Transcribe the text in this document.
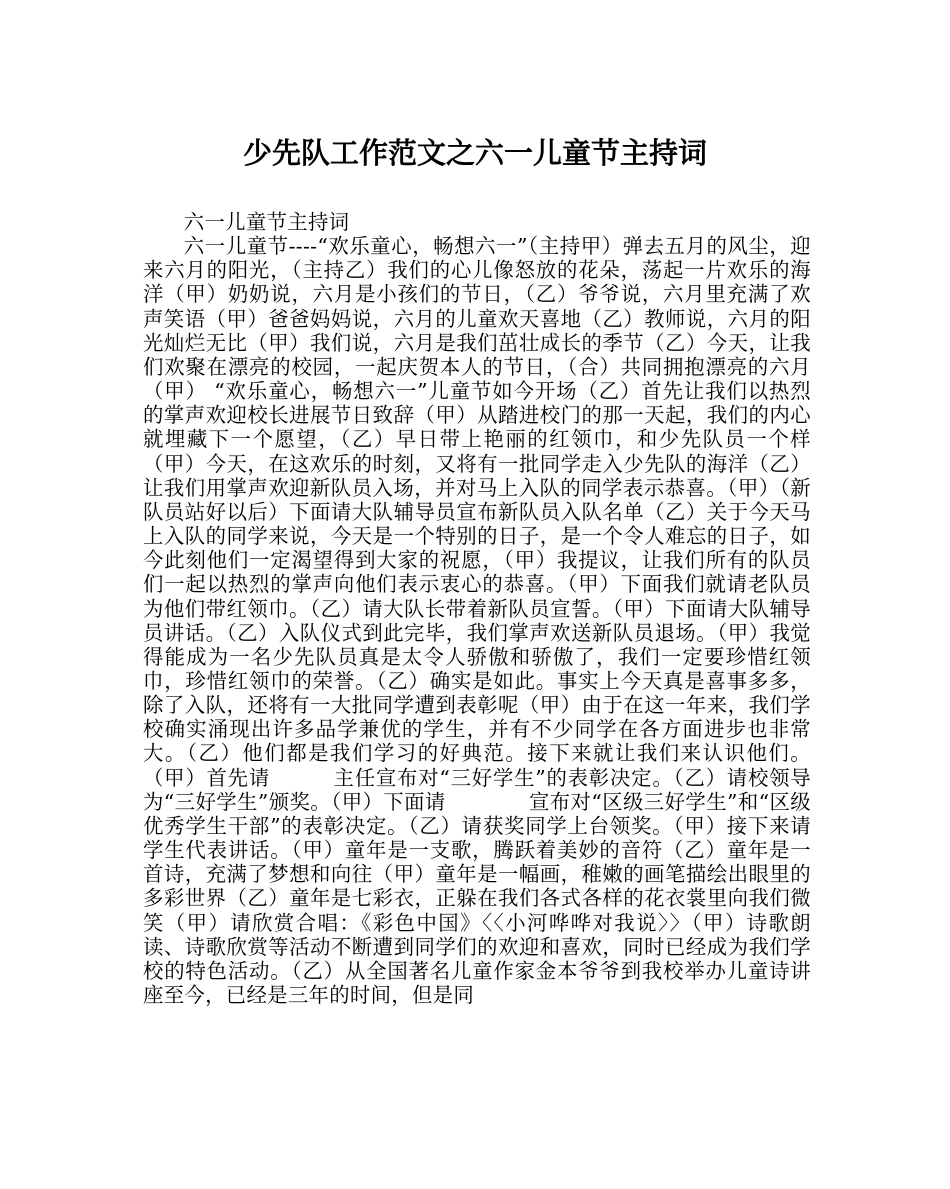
少先队工作范文之六一儿童节主持词

六一儿童节主持词

六一儿童节----“欢乐童心，畅想六一”（主持甲）弹去五月的风尘，迎来六月的阳光，（主持乙）我们的心儿像怒放的花朵，荡起一片欢乐的海洋（甲）奶奶说，六月是小孩们的节日，（乙）爷爷说，六月里充满了欢声笑语（甲）爸爸妈妈说，六月的儿童欢天喜地（乙）教师说，六月的阳光灿烂无比（甲）我们说，六月是我们茁壮成长的季节（乙）今天，让我们欢聚在漂亮的校园，一起庆贺本人的节日，（合）共同拥抱漂亮的六月（甲） “欢乐童心，畅想六一”儿童节如今开场（乙）首先让我们以热烈的掌声欢迎校长进展节日致辞（甲）从踏进校门的那一天起，我们的内心就埋藏下一个愿望，（乙）早日带上艳丽的红领巾，和少先队员一个样（甲）今天，在这欢乐的时刻，又将有一批同学走入少先队的海洋（乙）让我们用掌声欢迎新队员入场，并对马上入队的同学表示恭喜。（甲）（新队员站好以后）下面请大队辅导员宣布新队员入队名单（乙）关于今天马上入队的同学来说，今天是一个特别的日子，是一个令人难忘的日子，如今此刻他们一定渴望得到大家的祝愿，（甲）我提议，让我们所有的队员们一起以热烈的掌声向他们表示衷心的恭喜。（甲）下面我们就请老队员为他们带红领巾。（乙）请大队长带着新队员宣誓。（甲）下面请大队辅导员讲话。（乙）入队仪式到此完毕，我们掌声欢送新队员退场。（甲）我觉得能成为一名少先队员真是太令人骄傲和骄傲了，我们一定要珍惜红领巾，珍惜红领巾的荣誉。（乙）确实是如此。事实上今天真是喜事多多，除了入队，还将有一大批同学遭到表彰呢（甲）由于在这一年来，我们学校确实涌现出许多品学兼优的学生，并有不少同学在各方面进步也非常大。（乙）他们都是我们学习的好典范。接下来就让我们来认识他们。（甲）首先请　　　主任宣布对“三好学生”的表彰决定。（乙）请校领导为“三好学生”颁奖。（甲）下面请　　　　宣布对“区级三好学生”和“区级优秀学生干部”的表彰决定。（乙）请获奖同学上台领奖。（甲）接下来请学生代表讲话。（甲）童年是一支歌，腾跃着美妙的音符（乙）童年是一首诗，充满了梦想和向往（甲）童年是一幅画，稚嫩的画笔描绘出眼里的多彩世界（乙）童年是七彩衣，正躲在我们各式各样的花衣裳里向我们微笑（甲）请欣赏合唱：《彩色中国》〈〈小河哗哗对我说〉〉（甲）诗歌朗读、诗歌欣赏等活动不断遭到同学们的欢迎和喜欢，同时已经成为我们学校的特色活动。（乙）从全国著名儿童作家金本爷爷到我校举办儿童诗讲座至今，已经是三年的时间，但是同
